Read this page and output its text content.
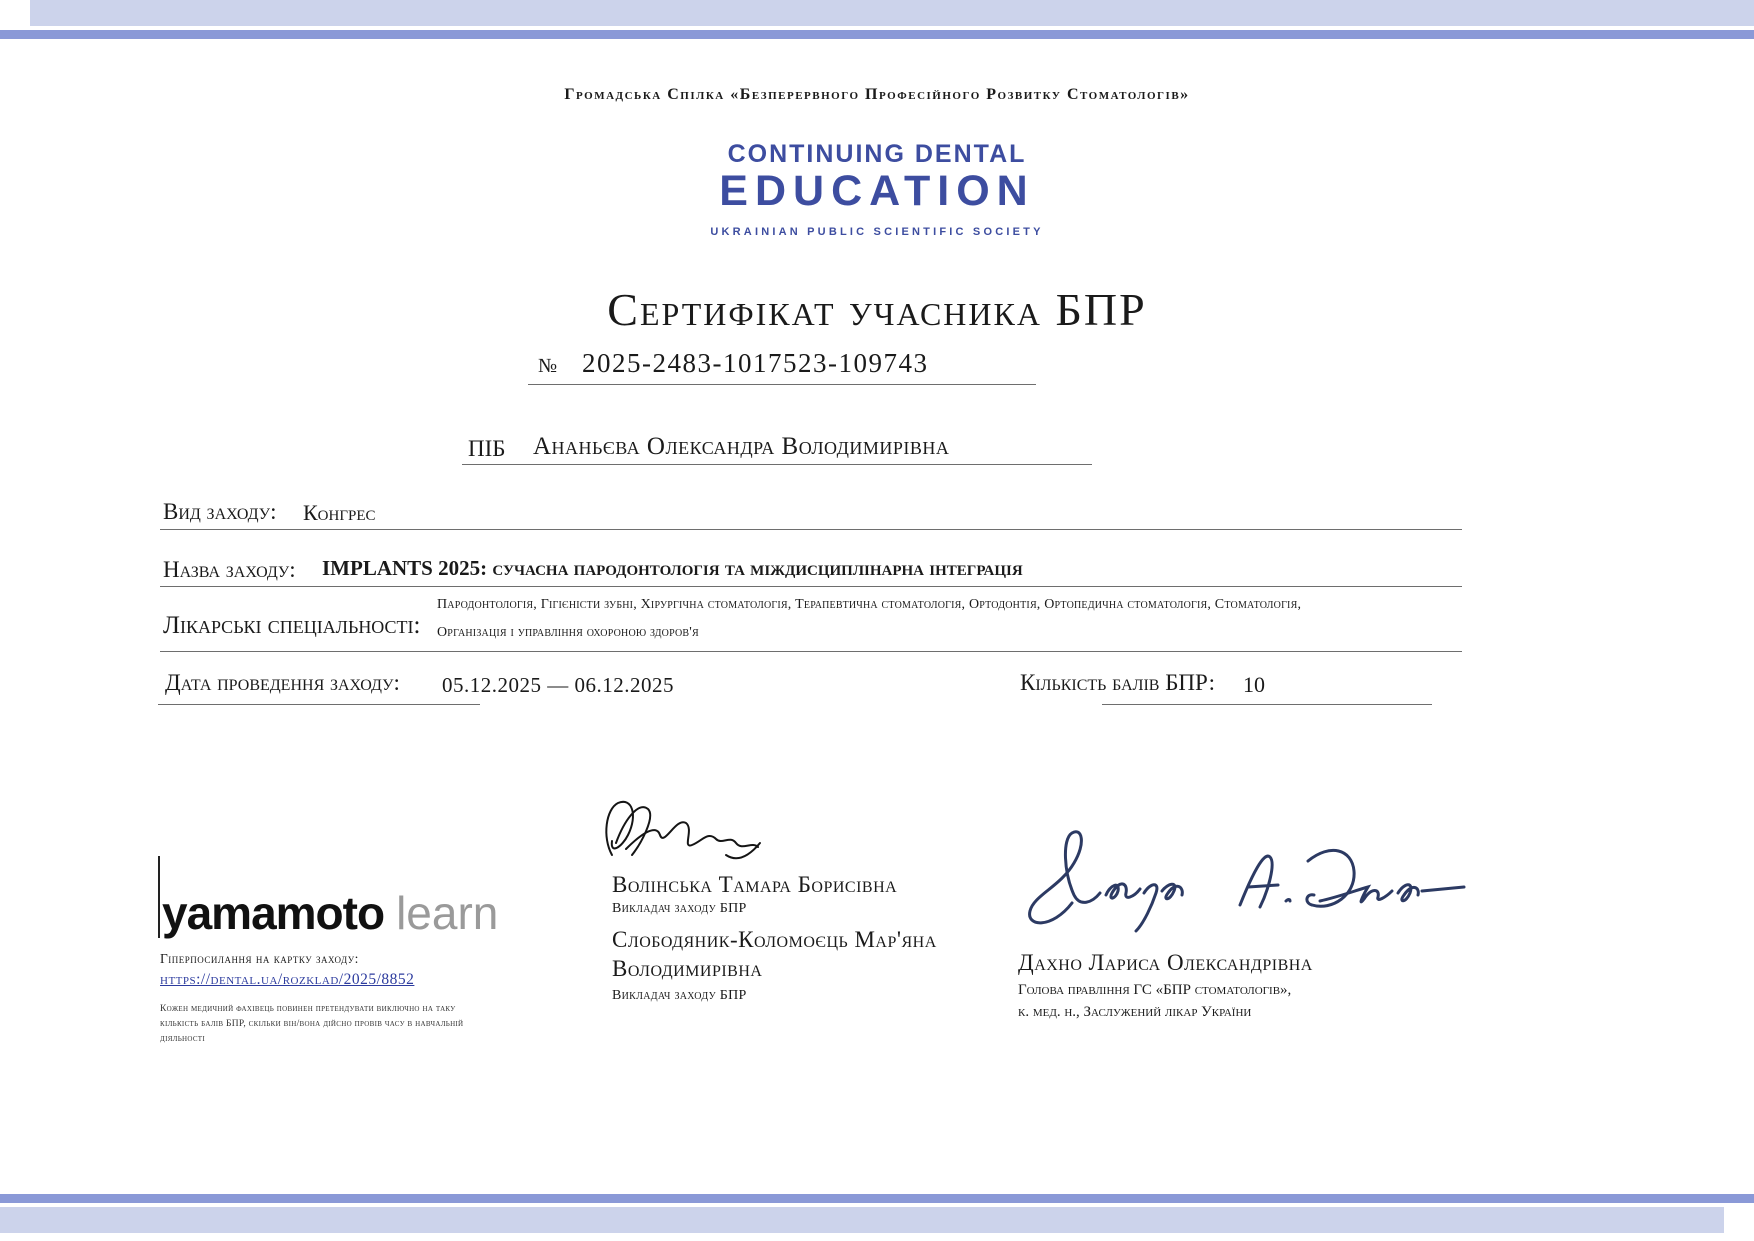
Громадська Спілка «Безперервного Професійного Розвитку Стоматологів»
CONTINUING DENTAL
EDUCATION
UKRAINIAN PUBLIC SCIENTIFIC SOCIETY
Сертифікат учасника БПР
№ 2025-2483-1017523-109743
ПІБ Ананьєва Олександра Володимирівна
Вид заходу: Конгрес
Назва заходу: IMPLANTS 2025: сучасна пародонтологія та міждисциплінарна інтеграція
Лікарські спеціальності:
Пародонтологія, Гігієністи зубні, Хірургічна стоматологія, Терапевтична стоматологія, Ортодонтія, Ортопедична стоматологія, Стоматологія,
Організація і управління охороною здоров'я
Дата проведення заходу: 05.12.2025 — 06.12.2025	Кількість балів БПР: 10
Волінська Тамара Борисівна
Викладач заходу БПР
Слободяник-Коломоєць Мар'яна Володимирівна
Викладач заходу БПР
Дахно Лариса Олександрівна
Голова правління ГС «БПР стоматологів»,
к. мед. н., Заслужений лікар України
yamamoto learn
Гіперпосилання на картку заходу:
https://dental.ua/rozklad/2025/8852
Кожен медичний фахівець повинен претендувати виключно на таку кількість балів БПР, скільки він/вона дійсно провів часу в навчальній діяльності
